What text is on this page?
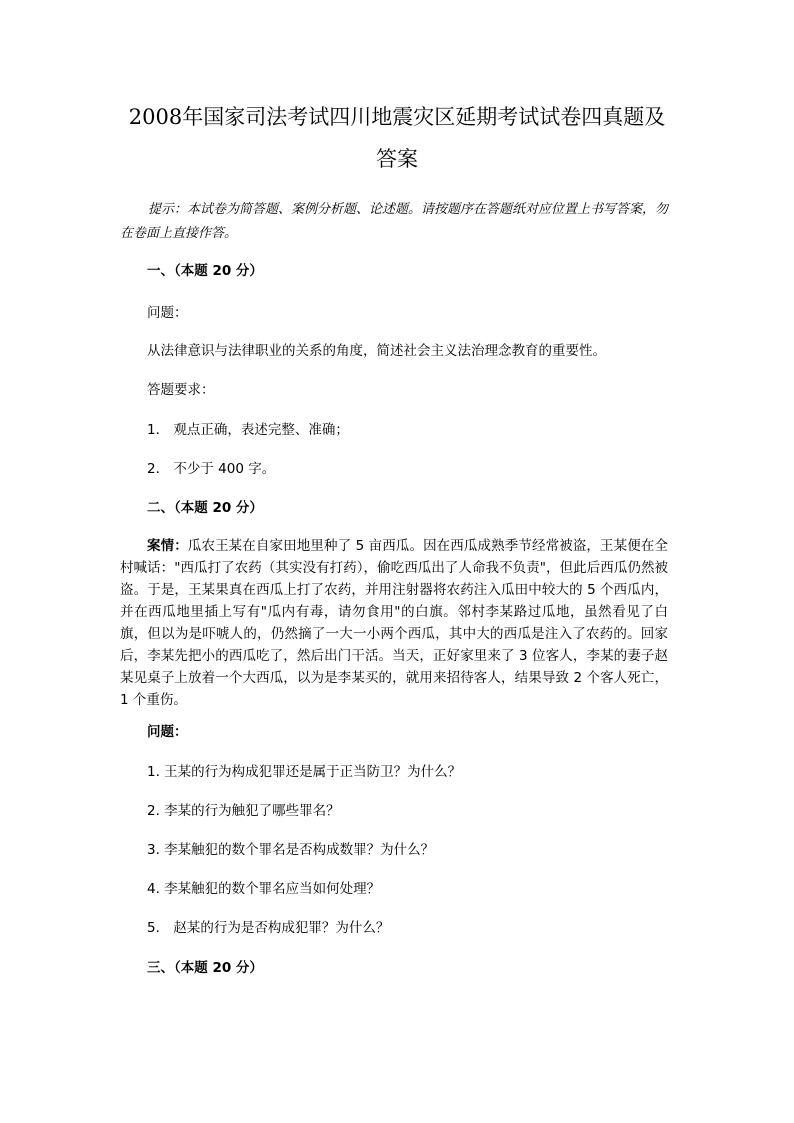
2008年国家司法考试四川地震灾区延期考试试卷四真题及
答案
提示：本试卷为简答题、案例分析题、论述题。请按题序在答题纸对应位置上书写答案，勿在卷面上直接作答。
一、（本题 20 分）
问题：
从法律意识与法律职业的关系的角度，简述社会主义法治理念教育的重要性。
答题要求：
1． 观点正确，表述完整、准确；
2． 不少于 400 字。
二、（本题 20 分）
案情：瓜农王某在自家田地里种了 5 亩西瓜。因在西瓜成熟季节经常被盗，王某便在全村喊话："西瓜打了农药（其实没有打药），偷吃西瓜出了人命我不负责"，但此后西瓜仍然被盗。于是，王某果真在西瓜上打了农药，并用注射器将农药注入瓜田中较大的 5 个西瓜内，并在西瓜地里插上写有"瓜内有毒，请勿食用"的白旗。邻村李某路过瓜地，虽然看见了白旗，但以为是吓唬人的，仍然摘了一大一小两个西瓜，其中大的西瓜是注入了农药的。回家后，李某先把小的西瓜吃了，然后出门干活。当天，正好家里来了 3 位客人，李某的妻子赵某见桌子上放着一个大西瓜，以为是李某买的，就用来招待客人，结果导致 2 个客人死亡，1 个重伤。
问题：
1. 王某的行为构成犯罪还是属于正当防卫？为什么？
2. 李某的行为触犯了哪些罪名？
3. 李某触犯的数个罪名是否构成数罪？为什么？
4. 李某触犯的数个罪名应当如何处理？
5． 赵某的行为是否构成犯罪？为什么？
三、（本题 20 分）
